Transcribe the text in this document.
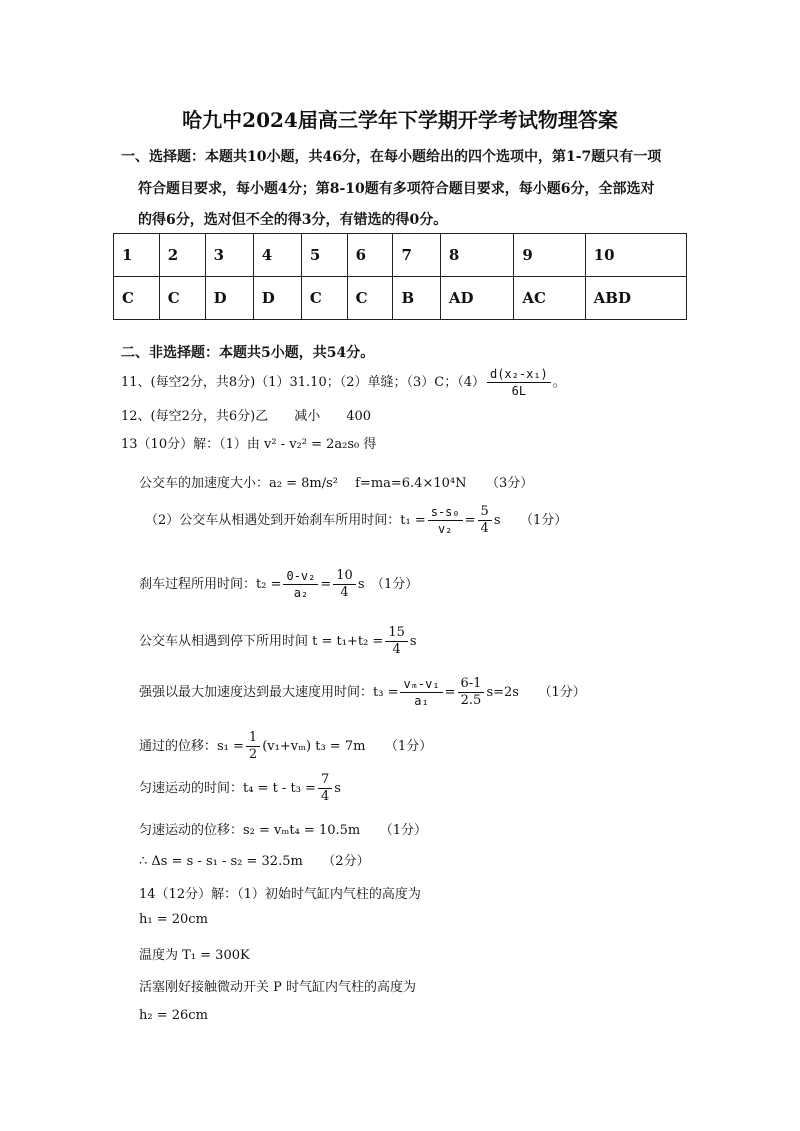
哈九中2024届高三学年下学期开学考试物理答案
一、选择题：本题共10小题，共46分，在每小题给出的四个选项中，第1-7题只有一项
符合题目要求，每小题4分；第8-10题有多项符合题目要求，每小题6分，全部选对
的得6分，选对但不全的得3分，有错选的得0分。
1	2	3	4	5	6	7	8	9	10
C	C	D	D	C	C	B	AD	AC	ABD
二、非选择题：本题共5小题，共54分。
11、(每空2分，共8分)（1）31.10；（2）单缝；（3）C；$(4) \frac{\text{d(x₂-x₁)}}{6L}$ 。
12、(每空2分，共6分)乙　　减小　　400
13（10分）解：（1）由 v² - v₂² = 2a₂s₀ 得
公交车的加速度大小：a₂ = 8m/s²　 f=ma=6.4×10⁴N　　（3分）
（2）公交车从相遇处到开始刹车所用时间：$t_1 = \frac{\text{s-s₀}}{\text{v₂}} = \frac{5}{4}$ s　　（1分）
刹车过程所用时间：$t_2 = \frac{\text{0-v₂}}{\text{a₂}} = \frac{10}{4}$ s　（1分）
公交车从相遇到停下所用时间 $t = t_1+t_2 = \frac{15}{4}$ s
强强以最大加速度达到最大速度用时间：$t_3 = \frac{\text{vₘ-v₁}}{\text{a₁}} = \frac{6-1}{2.5} s=2s$　　（1分）
通过的位移：$s_1 = \frac{1}{2} (v_1+v_m) t_3 = 7m$　　（1分）
匀速运动的时间：$t_4 = t - t_3 = \frac{7}{4}$ s
匀速运动的位移：s₂ = vₘt₄ = 10.5m　　（1分）
∴ Δs = s - s₁ - s₂ = 32.5m　　（2分）
14（12分）解：（1）初始时气缸内气柱的高度为
h₁ = 20cm
温度为 T₁ = 300K
活塞刚好接触微动开关 P 时气缸内气柱的高度为
h₂ = 26cm
